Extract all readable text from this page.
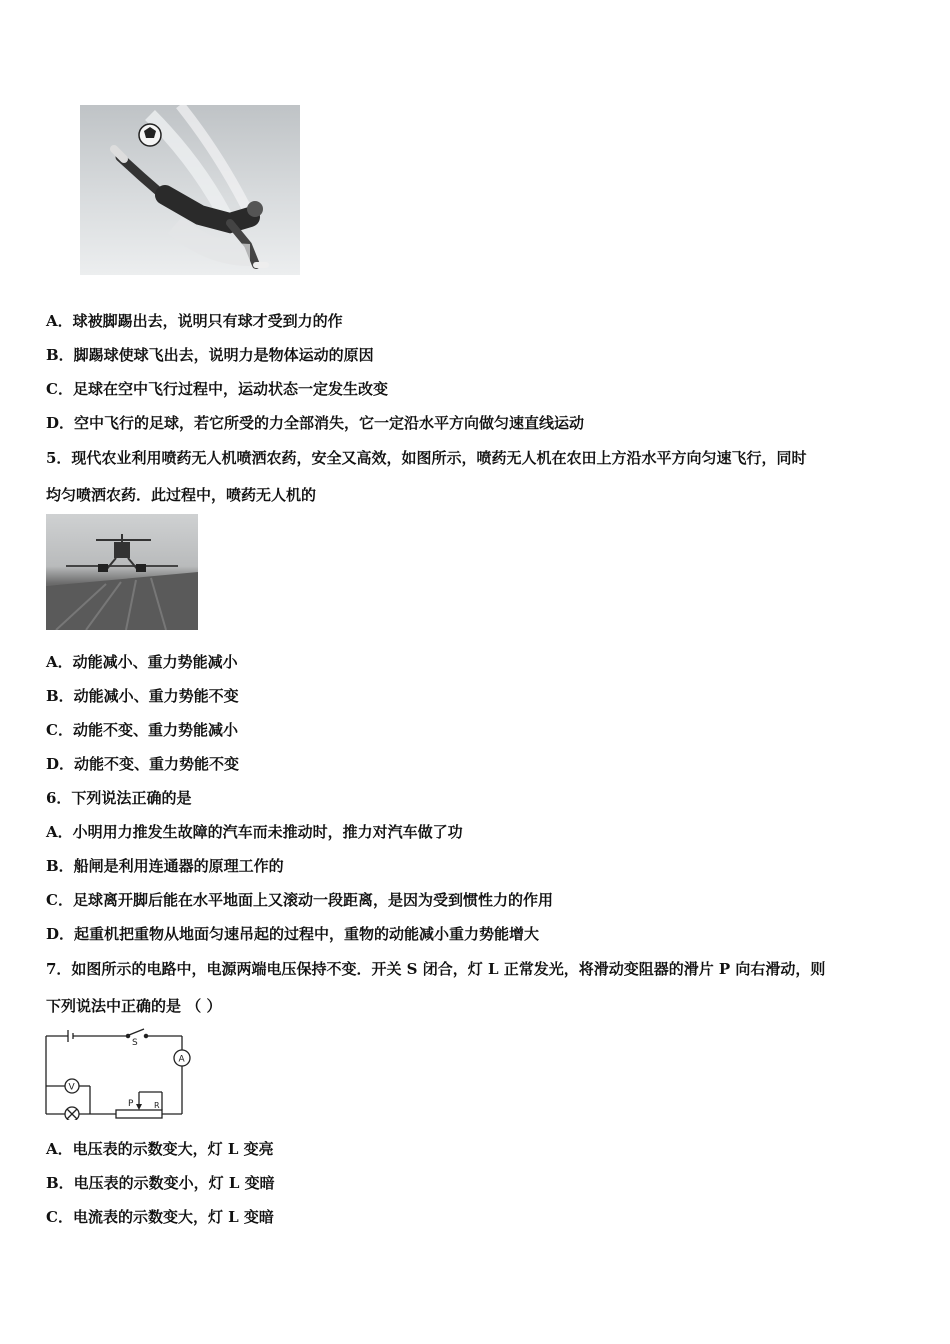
A．球被脚踢出去，说明只有球才受到力的作
B．脚踢球使球飞出去，说明力是物体运动的原因
C．足球在空中飞行过程中，运动状态一定发生改变
D．空中飞行的足球，若它所受的力全部消失，它一定沿水平方向做匀速直线运动
5．现代农业利用喷药无人机喷洒农药，安全又高效，如图所示，喷药无人机在农田上方沿水平方向匀速飞行，同时
均匀喷洒农药．此过程中，喷药无人机的
A．动能减小、重力势能减小
B．动能减小、重力势能不变
C．动能不变、重力势能减小
D．动能不变、重力势能不变
6．下列说法正确的是
A．小明用力推发生故障的汽车而未推动时，推力对汽车做了功
B．船闸是利用连通器的原理工作的
C．足球离开脚后能在水平地面上又滚动一段距离，是因为受到惯性力的作用
D．起重机把重物从地面匀速吊起的过程中，重物的动能减小重力势能增大
7．如图所示的电路中，电源两端电压保持不变．开关 S 闭合，灯 L 正常发光，将滑动变阻器的滑片 P 向右滑动，则
下列说法中正确的是 （ ）
S
A
V
P	R
A．电压表的示数变大，灯 L 变亮
B．电压表的示数变小，灯 L 变暗
C．电流表的示数变大，灯 L 变暗
